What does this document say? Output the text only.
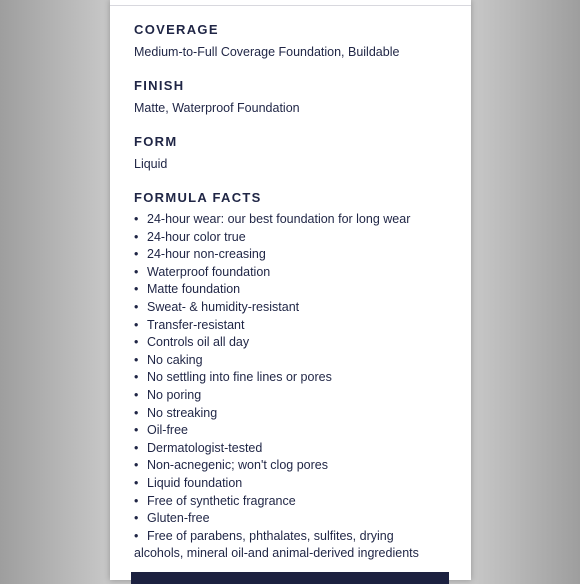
COVERAGE

Medium-to-Full Coverage Foundation, Buildable

FINISH

Matte, Waterproof Foundation

FORM

Liquid

FORMULA FACTS
• 24-hour wear: our best foundation for long wear
• 24-hour color true
• 24-hour non-creasing
• Waterproof foundation
• Matte foundation
• Sweat- & humidity-resistant
• Transfer-resistant
• Controls oil all day
• No caking
• No settling into fine lines or pores
• No poring
• No streaking
• Oil-free
• Dermatologist-tested
• Non-acnegenic; won't clog pores
• Liquid foundation
• Free of synthetic fragrance
• Gluten-free
• Free of parabens, phthalates, sulfites, drying
alcohols, mineral oil-and animal-derived ingredients
